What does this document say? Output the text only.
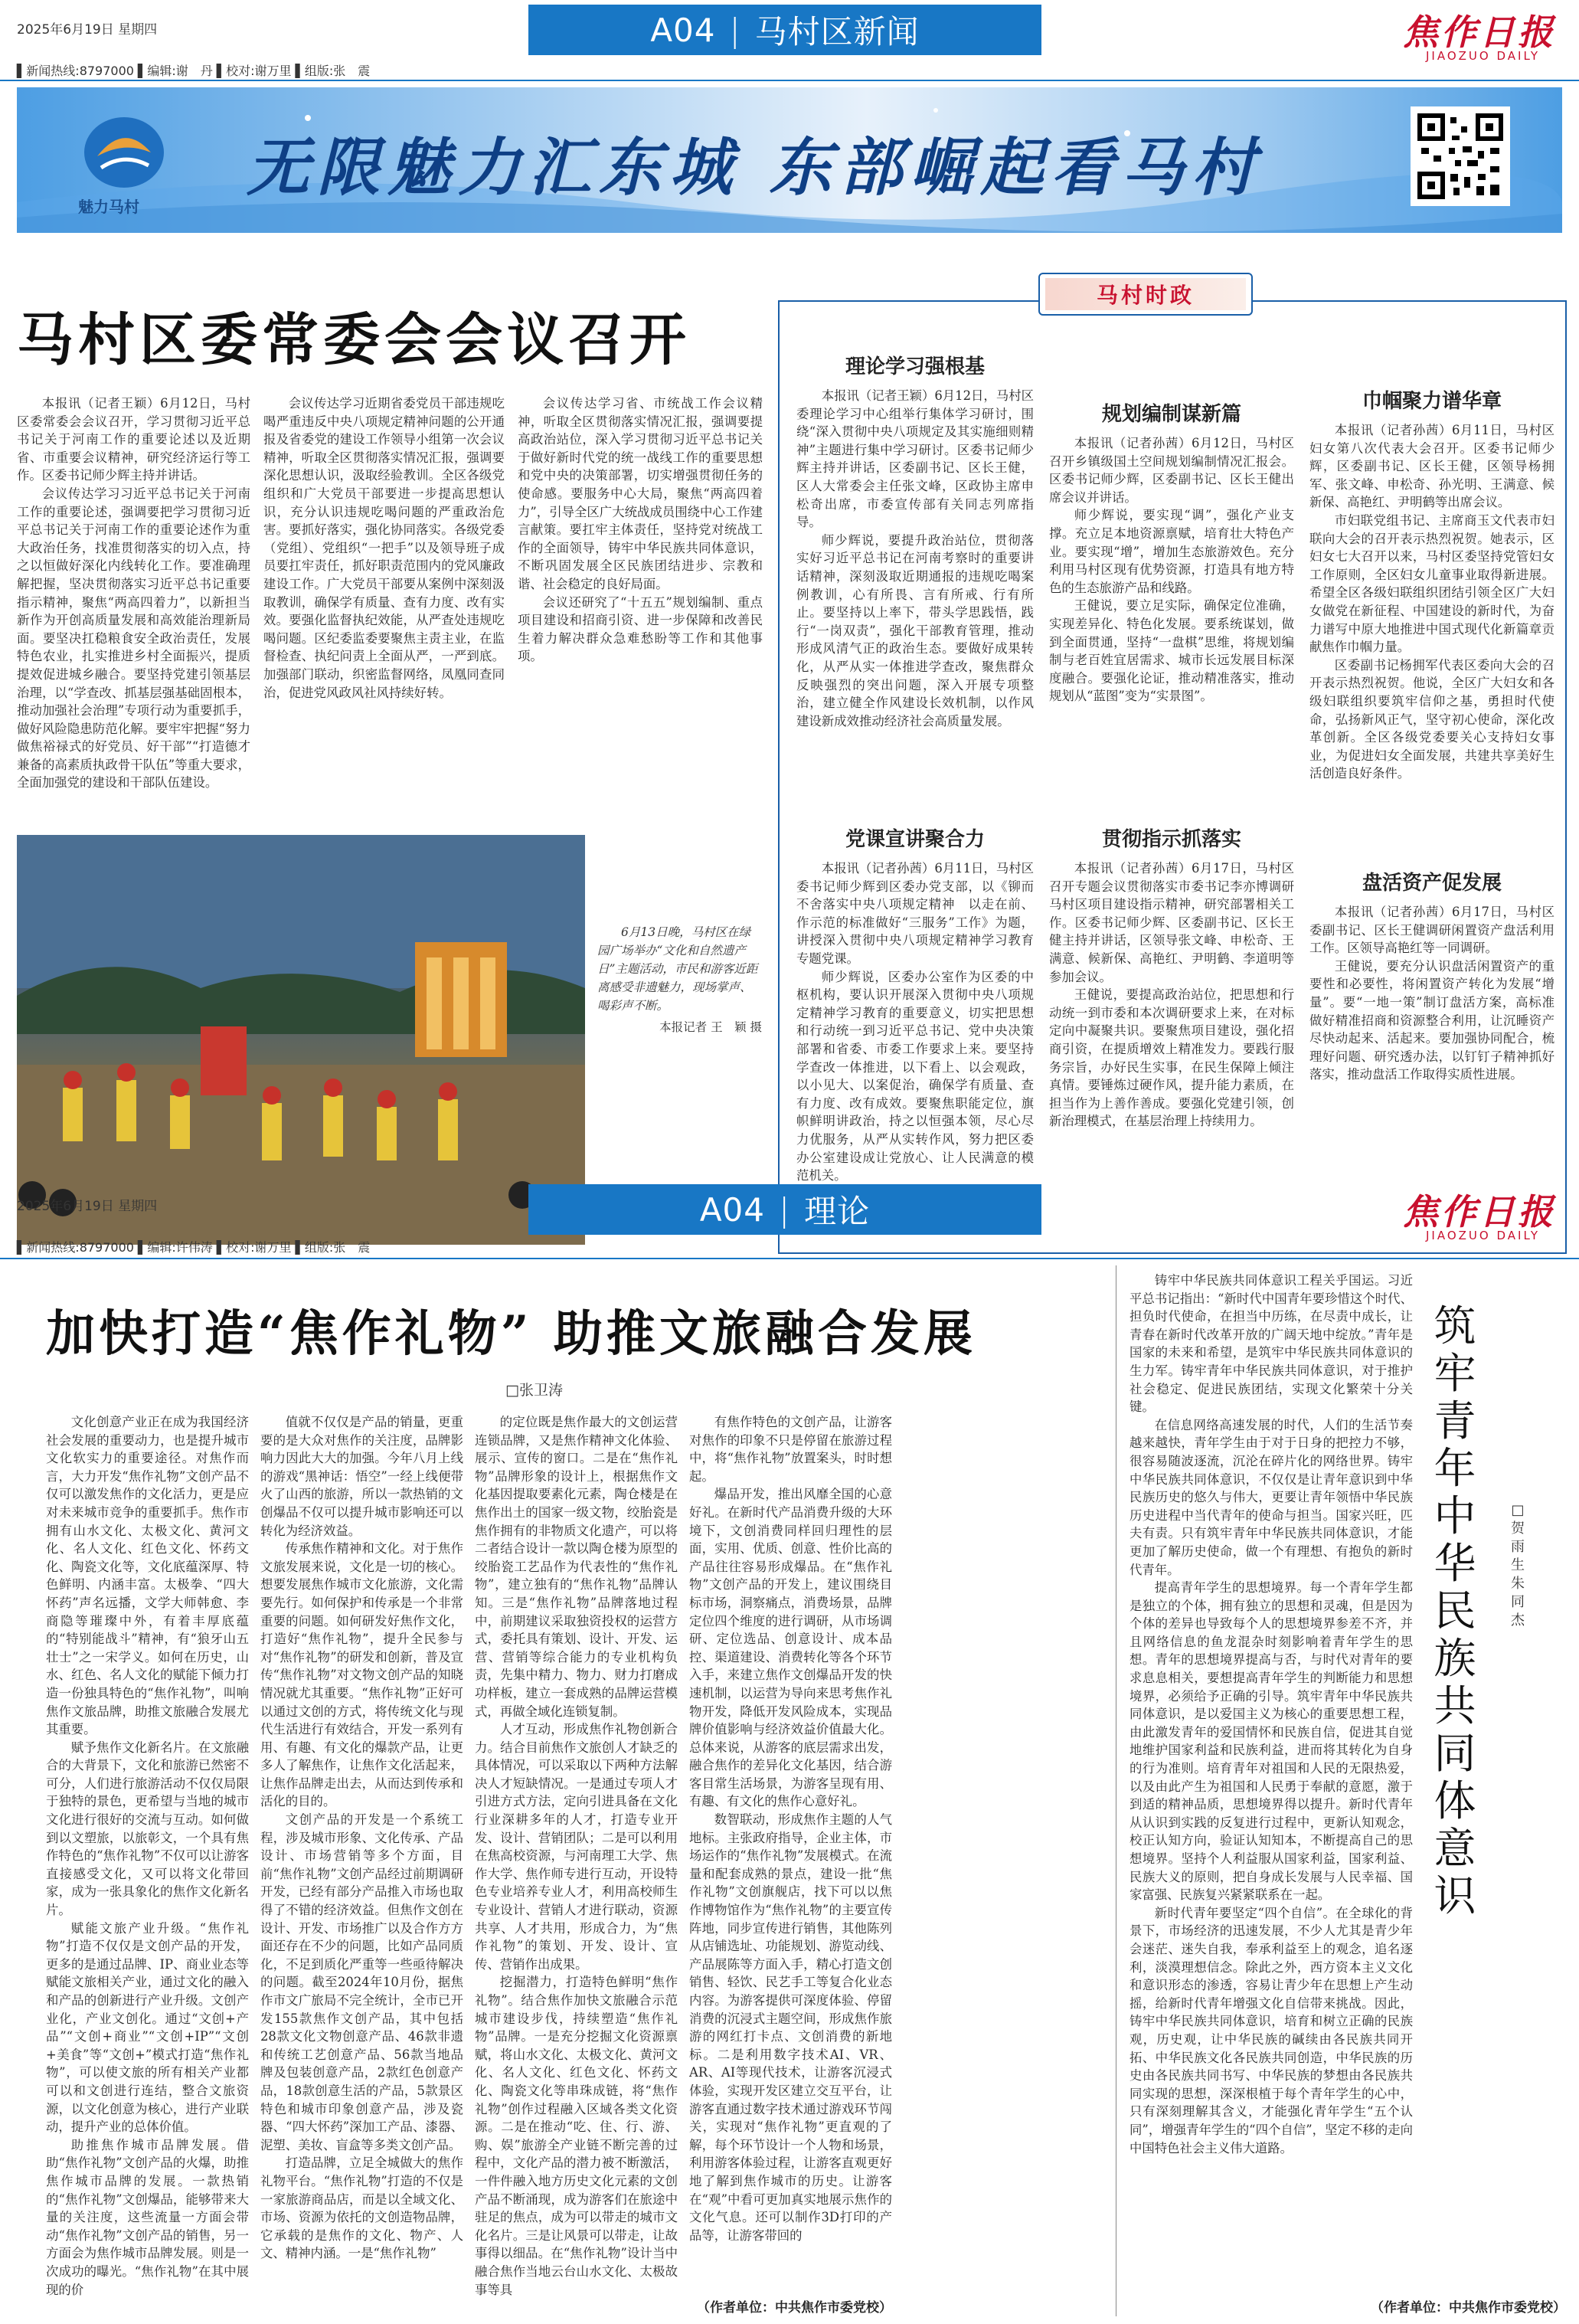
2025年6月19日 星期四	A04 | 马村区新闻	焦作日报
JIAOZUO DAILY
▌新闻热线:8797000 ▌编辑:谢　丹 ▌校对:谢万里 ▌组版:张　震
魅力马村
无限魅力汇东城 东部崛起看马村
马村区委常委会会议召开

本报讯（记者王颖）6月12日，马村区委常委会会议召开，学习贯彻习近平总书记关于河南工作的重要论述以及近期省、市重要会议精神，研究经济运行等工作。区委书记师少辉主持并讲话。

会议传达学习习近平总书记关于河南工作的重要论述，强调要把学习贯彻习近平总书记关于河南工作的重要论述作为重大政治任务，找准贯彻落实的切入点，持之以恒做好深化内线转化工作。要准确理解把握，坚决贯彻落实习近平总书记重要指示精神，聚焦“两高四着力”，以新担当新作为开创高质量发展和高效能治理新局面。要坚决扛稳粮食安全政治责任，发展特色农业，扎实推进乡村全面振兴，提质提效促进城乡融合。要坚持党建引领基层治理，以“学查改、抓基层强基础固根本，推动加强社会治理”专项行动为重要抓手，做好风险隐患防范化解。要牢牢把握“努力做焦裕禄式的好党员、好干部”“打造德才兼备的高素质执政骨干队伍”等重大要求，全面加强党的建设和干部队伍建设。

会议传达学习近期省委党员干部违规吃喝严重违反中央八项规定精神问题的公开通报及省委党的建设工作领导小组第一次会议精神，听取全区贯彻落实情况汇报，强调要深化思想认识，汲取经验教训。全区各级党组织和广大党员干部要进一步提高思想认识，充分认识违规吃喝问题的严重政治危害。要抓好落实，强化协同落实。各级党委（党组）、党组织“一把手”以及领导班子成员要扛牢责任，抓好职责范围内的党风廉政建设工作。广大党员干部要从案例中深刻汲取教训，确保学有质量、查有力度、改有实效。要强化监督执纪效能，从严查处违规吃喝问题。区纪委监委要聚焦主责主业，在监督检查、执纪问责上全面从严，一严到底。加强部门联动，织密监督网络，凤凰同查同治，促进党风政风社风持续好转。

会议传达学习省、市统战工作会议精神，听取全区贯彻落实情况汇报，强调要提高政治站位，深入学习贯彻习近平总书记关于做好新时代党的统一战线工作的重要思想和党中央的决策部署，切实增强贯彻任务的使命感。要服务中心大局，聚焦“两高四着力”，引导全区广大统战成员围绕中心工作建言献策。要扛牢主体责任，坚持党对统战工作的全面领导，铸牢中华民族共同体意识，不断巩固发展全区民族团结进步、宗教和谐、社会稳定的良好局面。

会议还研究了“十五五”规划编制、重点项目建设和招商引资、进一步保障和改善民生着力解决群众急难愁盼等工作和其他事项。

6月13日晚，马村区在绿园广场举办“文化和自然遗产日”主题活动，市民和游客近距离感受非遗魅力，现场掌声、喝彩声不断。

本报记者 王　颖 摄

马村时政
理论学习强根基

本报讯（记者王颖）6月12日，马村区委理论学习中心组举行集体学习研讨，围绕“深入贯彻中央八项规定及其实施细则精神”主题进行集中学习研讨。区委书记师少辉主持并讲话，区委副书记、区长王健，区人大常委会主任张文峰，区政协主席申松奇出席，市委宣传部有关同志列席指导。

师少辉说，要提升政治站位，贯彻落实好习近平总书记在河南考察时的重要讲话精神，深刻汲取近期通报的违规吃喝案例教训，心有所畏、言有所戒、行有所止。要坚持以上率下，带头学思践悟，践行“一岗双责”，强化干部教育管理，推动形成风清气正的政治生态。要做好成果转化，从严从实一体推进学查改，聚焦群众反映强烈的突出问题，深入开展专项整治，建立健全作风建设长效机制，以作风建设新成效推动经济社会高质量发展。

党课宣讲聚合力

本报讯（记者孙茜）6月11日，马村区委书记师少辉到区委办党支部，以《铆而不舍落实中央八项规定精神　以走在前、作示范的标准做好“三服务”工作》为题，讲授深入贯彻中央八项规定精神学习教育专题党课。

师少辉说，区委办公室作为区委的中枢机构，要认识开展深入贯彻中央八项规定精神学习教育的重要意义，切实把思想和行动统一到习近平总书记、党中央决策部署和省委、市委工作要求上来。要坚持学查改一体推进，以下看上、以会观政，以小见大、以案促治，确保学有质量、查有力度、改有成效。要聚焦职能定位，旗帜鲜明讲政治，持之以恒强本领，尽心尽力优服务，从严从实转作风，努力把区委办公室建设成让党放心、让人民满意的模范机关。

规划编制谋新篇

本报讯（记者孙茜）6月12日，马村区召开乡镇级国土空间规划编制情况汇报会。区委书记师少辉，区委副书记、区长王健出席会议并讲话。

师少辉说，要实现“调”，强化产业支撑。充立足本地资源禀赋，培育壮大特色产业。要实现“增”，增加生态旅游效色。充分利用马村区现有优势资源，打造具有地方特色的生态旅游产品和线路。

王健说，要立足实际，确保定位准确，实现差异化、特色化发展。要系统谋划，做到全面贯通，坚持“一盘棋”思维，将规划编制与老百姓宜居需求、城市长远发展目标深度融合。要强化论证，推动精准落实，推动规划从“蓝图”变为“实景图”。

贯彻指示抓落实

本报讯（记者孙茜）6月17日，马村区召开专题会议贯彻落实市委书记李亦博调研马村区项目建设指示精神，研究部署相关工作。区委书记师少辉、区委副书记、区长王健主持并讲话，区领导张文峰、申松奇、王满意、候新保、高艳红、尹明鹤、李道明等参加会议。

王健说，要提高政治站位，把思想和行动统一到市委和本次调研要求上来，在对标定向中凝聚共识。要聚焦项目建设，强化招商引资，在提质增效上精准发力。要践行服务宗旨，办好民生实事，在民生保障上倾注真情。要锤炼过硬作风，提升能力素质，在担当作为上善作善成。要强化党建引领，创新治理模式，在基层治理上持续用力。

巾帼聚力谱华章

本报讯（记者孙茜）6月11日，马村区妇女第八次代表大会召开。区委书记师少辉，区委副书记、区长王健，区领导杨拥军、张文峰、申松奇、孙光明、王满意、候新保、高艳红、尹明鹤等出席会议。

市妇联党组书记、主席商玉文代表市妇联向大会的召开表示热烈祝贺。她表示，区妇女七大召开以来，马村区委坚持党管妇女工作原则，全区妇女儿童事业取得新进展。希望全区各级妇联组织团结引领全区广大妇女做党在新征程、中国建设的新时代，为奋力谱写中原大地推进中国式现代化新篇章贡献焦作巾帼力量。

区委副书记杨拥军代表区委向大会的召开表示热烈祝贺。他说，全区广大妇女和各级妇联组织要筑牢信仰之基，勇担时代使命，弘扬新风正气，坚守初心使命，深化改革创新。全区各级党委要关心支持妇女事业，为促进妇女全面发展，共建共享美好生活创造良好条件。

盘活资产促发展

本报讯（记者孙茜）6月17日，马村区委副书记、区长王健调研闲置资产盘活利用工作。区领导高艳红等一同调研。

王健说，要充分认识盘活闲置资产的重要性和必要性，将闲置资产转化为发展“增量”。要“一地一策”制订盘活方案，高标准做好精准招商和资源整合利用，让沉睡资产尽快动起来、活起来。要加强协同配合，梳理好问题、研究透办法，以钉钉子精神抓好落实，推动盘活工作取得实质性进展。

2025年6月19日 星期四	A04 | 理论	焦作日报
JIAOZUO DAILY
▌新闻热线:8797000 ▌编辑:许伟涛 ▌校对:谢万里 ▌组版:张　震
加快打造“焦作礼物” 助推文旅融合发展
□张卫涛

文化创意产业正在成为我国经济社会发展的重要动力，也是提升城市文化软实力的重要途径。对焦作而言，大力开发“焦作礼物”文创产品不仅可以激发焦作的文化活力，更是应对未来城市竞争的重要抓手。焦作市拥有山水文化、太极文化、黄河文化、名人文化、红色文化、怀药文化、陶瓷文化等，文化底蕴深厚、特色鲜明、内涵丰富。太极拳、“四大怀药”声名远播，文学大师韩愈、李商隐等璀璨中外，有着丰厚底蕴的“特别能战斗”精神，有“狼牙山五壮士”之一宋学义。如何在历史，山水、红色、名人文化的赋能下倾力打造一份独具特色的“焦作礼物”，叫响焦作文旅品牌，助推文旅融合发展尤其重要。

赋予焦作文化新名片。在文旅融合的大背景下，文化和旅游已然密不可分，人们进行旅游活动不仅仅局限于独特的景色，更希望与当地的城市文化进行很好的交流与互动。如何做到以文塑旅，以旅彰文，一个具有焦作特色的“焦作礼物”不仅可以让游客直接感受文化，又可以将文化带回家，成为一张具象化的焦作文化新名片。

赋能文旅产业升级。“焦作礼物”打造不仅仅是文创产品的开发，更多的是通过品牌、IP、商业业态等赋能文旅相关产业，通过文化的融入和产品的创新进行产业升级。文创产业化，产业文创化。通过“文创+产品”“文创+商业”“文创+IP”“文创+美食”等“文创+”模式打造“焦作礼物”，可以使文旅的所有相关产业都可以和文创进行连结，整合文旅资源，以文化创意为核心，进行产业联动，提升产业的总体价值。

助推焦作城市品牌发展。借助“焦作礼物”文创产品的火爆，助推焦作城市品牌的发展。一款热销的“焦作礼物”文创爆品，能够带来大量的关注度，这些流量一方面会带动“焦作礼物”文创产品的销售，另一方面会为焦作城市品牌发展。则是一次成功的曝光。“焦作礼物”在其中展现的价

值就不仅仅是产品的销量，更重要的是大众对焦作的关注度，品牌影响力因此大大的加强。今年八月上线的游戏“黑神话：悟空”一经上线便带火了山西的旅游，所以一款热销的文创爆品不仅可以提升城市影响还可以转化为经济效益。

传承焦作精神和文化。对于焦作文旅发展来说，文化是一切的核心。想要发展焦作城市文化旅游，文化需要先行。如何保护和传承是一个非常重要的问题。如何研发好焦作文化，打造好“焦作礼物”，提升全民参与对“焦作礼物”的研发和创新，普及宣传“焦作礼物”对文物文创产品的知晓情况就尤其重要。“焦作礼物”正好可以通过文创的方式，将传统文化与现代生活进行有效结合，开发一系列有用、有趣、有文化的爆款产品，让更多人了解焦作，让焦作文化活起来，让焦作品牌走出去，从而达到传承和活化的目的。

文创产品的开发是一个系统工程，涉及城市形象、文化传承、产品设计、市场营销等多个方面，目前“焦作礼物”文创产品经过前期调研开发，已经有部分产品推入市场也取得了不错的经济效益。但焦作文创在设计、开发、市场推广以及合作方方面还存在不少的问题，比如产品同质化，不足到质化严重等一些亟待解决的问题。截至2024年10月份，据焦作市文广旅局不完全统计，全市已开发155款焦作文创产品，其中包括28款文化文物创意产品、46款非遗和传统工艺创意产品、56款当地品牌及包装创意产品，2款红色创意产品，18款创意生活的产品，5款景区特色和城市印象创意产品，涉及瓷器、“四大怀药”深加工产品、漆器、泥塑、美妆、盲盒等多类文创产品。

打造品牌，立足全城做大的焦作礼物平台。“焦作礼物”打造的不仅是一家旅游商品店，而是以全域文化、市场、资源为依托的文创造物品牌，它承载的是焦作的文化、物产、人文、精神内涵。一是“焦作礼物”

的定位既是焦作最大的文创运营连锁品牌，又是焦作精神文化体验、展示、宣传的窗口。二是在“焦作礼物”品牌形象的设计上，根据焦作文化基因提取要素化元素，陶仓楼是在焦作出土的国家一级文物，绞胎瓷是焦作拥有的非物质文化遗产，可以将二者结合设计一款以陶仓楼为原型的绞胎瓷工艺品作为代表性的“焦作礼物”，建立独有的“焦作礼物”品牌认知。三是“焦作礼物”品牌落地过程中，前期建议采取独资投权的运营方式，委托具有策划、设计、开发、运营、营销等综合能力的专业机构负责，先集中精力、物力、财力打磨成功样板，建立一套成熟的品牌运营模式，再做全域化连锁复制。

人才互动，形成焦作礼物创新合力。结合目前焦作文旅创人才缺乏的具体情况，可以采取以下两种方法解决人才短缺情况。一是通过专项人才引进方式方法，定向引进具备在文化行业深耕多年的人才，打造专业开发、设计、营销团队；二是可以利用在焦高校资源，与河南理工大学、焦作大学、焦作师专进行互动，开设特色专业培养专业人才，利用高校师生专业设计、营销人才进行联动，资源共享、人才共用，形成合力，为“焦作礼物”的策划、开发、设计、宣传、营销作出成果。

挖掘潜力，打造特色鲜明“焦作礼物”。结合焦作加快文旅融合示范城市建设步伐，持续塑造“焦作礼物”品牌。一是充分挖掘文化资源禀赋，将山水文化、太极文化、黄河文化、名人文化、红色文化、怀药文化、陶瓷文化等串珠成链，将“焦作礼物”创作过程融入区域各类文化资源。二是在推动“吃、住、行、游、购、娱”旅游全产业链不断完善的过程中，文化产品的潜力被不断激活，一件件融入地方历史文化元素的文创产品不断涌现，成为游客们在旅途中驻足的焦点，成为可以带走的城市文化名片。三是让风景可以带走，让故事得以细品。在“焦作礼物”设计当中融合焦作当地云台山水文化、太极故事等具

有焦作特色的文创产品，让游客对焦作的印象不只是停留在旅游过程中，将“焦作礼物”放置案头，时时想起。

爆品开发，推出风靡全国的心意好礼。在新时代产品消费升级的大环境下，文创消费同样回归理性的层面，实用、优质、创意、性价比高的产品往往容易形成爆品。在“焦作礼物”文创产品的开发上，建议围绕目标市场，洞察痛点，消费场景，品牌定位四个维度的进行调研，从市场调研、定位选品、创意设计、成本品控、渠道建设、消费转化等各个环节入手，来建立焦作文创爆品开发的快速机制，以运营为导向来思考焦作礼物开发，降低开发风险成本，实现品牌价值影响与经济效益价值最大化。总体来说，从游客的底层需求出发，融合焦作的差异化文化基因，结合游客目常生活场景，为游客呈现有用、有趣、有文化的焦作心意好礼。

数智联动，形成焦作主题的人气地标。主张政府指导，企业主体，市场运作的“焦作礼物”发展模式。在流量和配套成熟的景点，建设一批“焦作礼物”文创旗舰店，找下可以以焦作博物馆作为“焦作礼物”的主要宣传阵地，同步宣传进行销售，其他陈列从店铺选址、功能规划、游览动线、产品展陈等方面入手，精心打造文创销售、轻饮、民艺手工等复合化业态内容。为游客提供可深度体验、停留消费的沉浸式主题空间，形成焦作旅游的网红打卡点、文创消费的新地标。二是利用数字技术AI、VR、AR、AI等现代技术，让游客沉浸式体验，实现开发区建立交互平台，让游客直通过数字技术通过游戏环节闯关，实现对“焦作礼物”更直观的了解，每个环节设计一个人物和场景，利用游客体验过程，让游客直观更好地了解到焦作城市的历史。让游客在“观”中看可更加真实地展示焦作的文化气息。还可以制作3D打印的产品等，让游客带回的

（作者单位：中共焦作市委党校）

铸牢中华民族共同体意识工程关乎国运。习近平总书记指出：“新时代中国青年要珍惜这个时代、担负时代使命，在担当中历练，在尽责中成长，让青春在新时代改革开放的广阔天地中绽放。”青年是国家的未来和希望，是筑牢中华民族共同体意识的生力军。铸牢青年中华民族共同体意识，对于推护社会稳定、促进民族团结，实现文化繁荣十分关键。

在信息网络高速发展的时代，人们的生活节奏越来越快，青年学生由于对于日身的把控力不够，很容易随波逐流，沉沦在碎片化的网络世界。铸牢中华民族共同体意识，不仅仅是让青年意识到中华民族历史的悠久与伟大，更要让青年领悟中华民族历史进程中当代青年的使命与担当。国家兴旺，匹夫有责。只有筑牢青年中华民族共同体意识，才能更加了解历史使命，做一个有理想、有抱负的新时代青年。

提高青年学生的思想境界。每一个青年学生都是独立的个体，拥有独立的思想和灵魂，但是因为个体的差异也导致每个人的思想境界参差不齐，并且网络信息的鱼龙混杂时刻影响着青年学生的思想。青年的思想境界提高与否，与时代对青年的要求息息相关，要想提高青年学生的判断能力和思想境界，必须给予正确的引导。筑牢青年中华民族共同体意识，是以爱国主义为核心的重要思想工程，由此激发青年的爱国情怀和民族自信，促进其自觉地维护国家利益和民族利益，进而将其转化为自身的行为准则。培育青年对祖国和人民的无限热爱，以及由此产生为祖国和人民勇于奉献的意愿，激于到适的精神品质，思想境界得以提升。新时代青年从认识到实践的反复进行过程中，更新认知观念，校正认知方向，验证认知知本，不断提高自己的思想境界。坚持个人利益服从国家利益，国家利益、民族大义的原则，把自身成长发展与人民幸福、国家富强、民族复兴紧紧联系在一起。

新时代青年要坚定“四个自信”。在全球化的背景下，市场经济的迅速发展，不少人尤其是青少年会迷茫、迷失自我，奉承利益至上的观念，追名逐利，淡漠理想信念。除此之外，西方资本主义文化和意识形态的渗透，容易让青少年在思想上产生动摇，给新时代青年增强文化自信带来挑战。因此，铸牢中华民族共同体意识，培育和树立正确的民族观，历史观，让中华民族的碱续由各民族共同开拓、中华民族文化各民族共同创造，中华民族的历史由各民族共同书写、中华民族的梦想由各民族共同实现的思想，深深根植于每个青年学生的心中，只有深刻理解其含义，才能强化青年学生“五个认同”，增强青年学生的“四个自信”，坚定不移的走向中国特色社会主义伟大道路。

（作者单位：中共焦作市委党校）
筑牢青年中华民族共同体意识
□贺雨生 朱同杰
